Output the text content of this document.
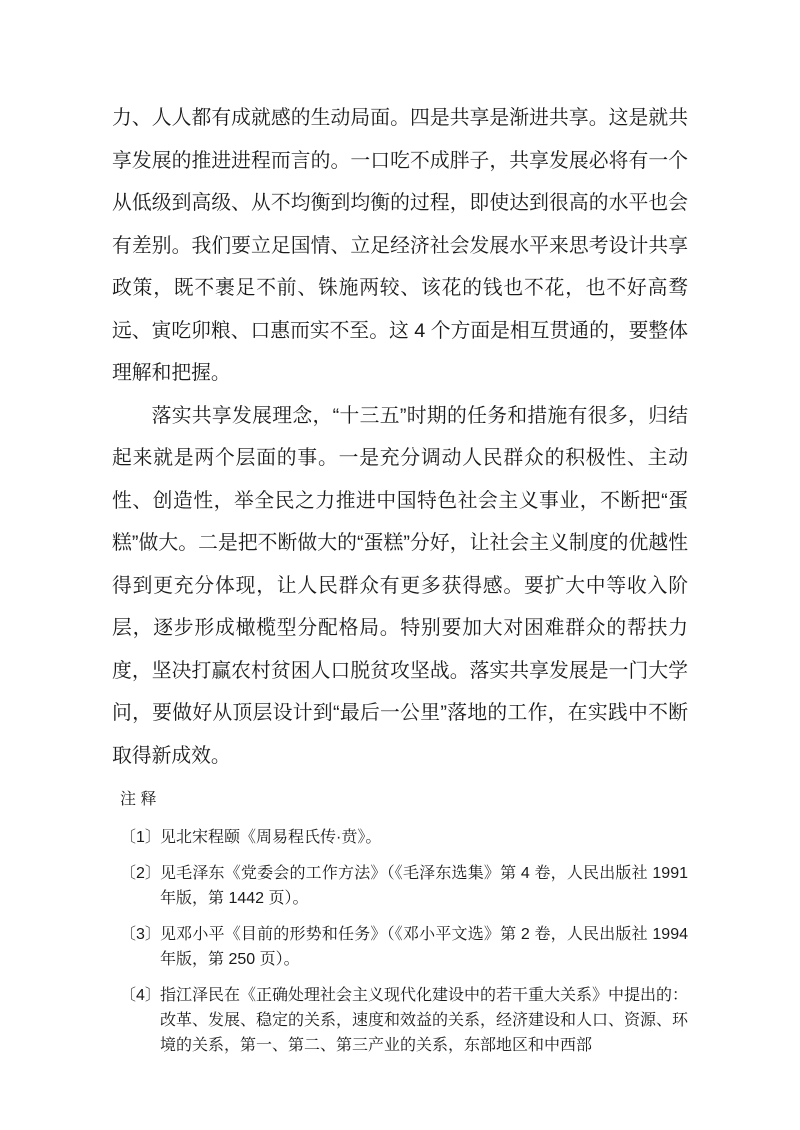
力、人人都有成就感的生动局面。四是共享是渐进共享。这是就共享发展的推进进程而言的。一口吃不成胖子，共享发展必将有一个从低级到高级、从不均衡到均衡的过程，即使达到很高的水平也会有差别。我们要立足国情、立足经济社会发展水平来思考设计共享政策，既不裹足不前、铢施两较、该花的钱也不花，也不好高骛远、寅吃卯粮、口惠而实不至。这 4 个方面是相互贯通的，要整体理解和把握。

落实共享发展理念，“十三五”时期的任务和措施有很多，归结起来就是两个层面的事。一是充分调动人民群众的积极性、主动性、创造性，举全民之力推进中国特色社会主义事业，不断把“蛋糕”做大。二是把不断做大的“蛋糕”分好，让社会主义制度的优越性得到更充分体现，让人民群众有更多获得感。要扩大中等收入阶层，逐步形成橄榄型分配格局。特别要加大对困难群众的帮扶力度，坚决打赢农村贫困人口脱贫攻坚战。落实共享发展是一门大学问，要做好从顶层设计到“最后一公里”落地的工作，在实践中不断取得新成效。

注 释
〔1〕 见北宋程颐《周易程氏传·贲》。
〔2〕 见毛泽东《党委会的工作方法》（《毛泽东选集》第 4 卷，人民出版社 1991 年版，第 1442 页）。
〔3〕 见邓小平《目前的形势和任务》（《邓小平文选》第 2 卷，人民出版社 1994 年版，第 250 页）。
〔4〕 指江泽民在《正确处理社会主义现代化建设中的若干重大关系》中提出的：改革、发展、稳定的关系，速度和效益的关系，经济建设和人口、资源、环境的关系，第一、第二、第三产业的关系，东部地区和中西部
